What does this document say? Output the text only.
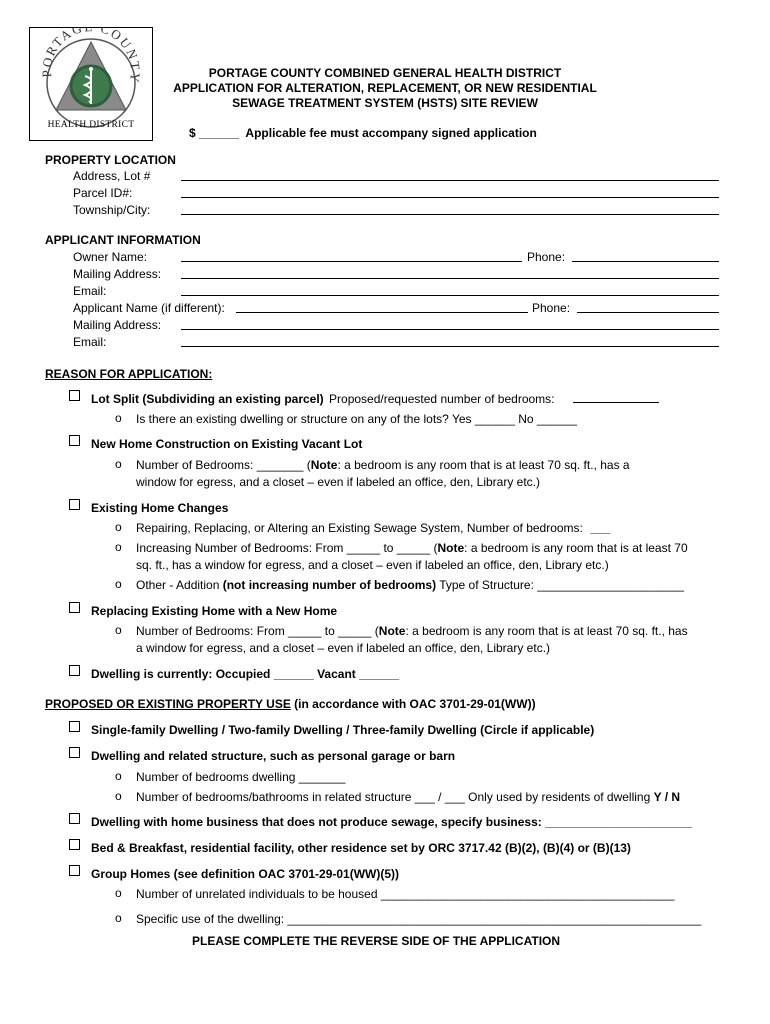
PORTAG COUNTY
HEALTH DISTRICT
PORTAGE COUNTY COMBINED GENERAL HEALTH DISTRICT
APPLICATION FOR ALTERATION, REPLACEMENT, OR NEW RESIDENTIAL
SEWAGE TREATMENT SYSTEM (HSTS) SITE REVIEW
$ ______ Applicable fee must accompany signed application
PROPERTY LOCATION
Address, Lot #
Parcel ID#:
Township/City:
APPLICANT INFORMATION
Owner Name:	Phone:
Mailing Address:
Email:
Applicant Name (if different):	Phone:
Mailing Address:
Email:
REASON FOR APPLICATION:
Lot Split (Subdividing an existing parcel) Proposed/requested number of bedrooms:
o Is there an existing dwelling or structure on any of the lots? Yes ______ No ______
New Home Construction on Existing Vacant Lot
o Number of Bedrooms: _______ (Note: a bedroom is any room that is at least 70 sq. ft., has a
window for egress, and a closet – even if labeled an office, den, Library etc.)
Existing Home Changes
o Repairing, Replacing, or Altering an Existing Sewage System, Number of bedrooms: ___
o Increasing Number of Bedrooms: From _____ to _____ (Note: a bedroom is any room that is at least 70
sq. ft., has a window for egress, and a closet – even if labeled an office, den, Library etc.)
o Other - Addition (not increasing number of bedrooms) Type of Structure: ______________________
Replacing Existing Home with a New Home
o Number of Bedrooms: From _____ to _____ (Note: a bedroom is any room that is at least 70 sq. ft., has
a window for egress, and a closet – even if labeled an office, den, Library etc.)
Dwelling is currently: Occupied ______ Vacant ______
PROPOSED OR EXISTING PROPERTY USE (in accordance with OAC 3701-29-01(WW))
Single-family Dwelling / Two-family Dwelling / Three-family Dwelling (Circle if applicable)
Dwelling and related structure, such as personal garage or barn
o Number of bedrooms dwelling _______
o Number of bedrooms/bathrooms in related structure ___ / ___ Only used by residents of dwelling Y / N
Dwelling with home business that does not produce sewage, specify business: ______________________
Bed & Breakfast, residential facility, other residence set by ORC 3717.42 (B)(2), (B)(4) or (B)(13)
Group Homes (see definition OAC 3701-29-01(WW)(5))
o Number of unrelated individuals to be housed ____________________________________________
o Specific use of the dwelling: ______________________________________________________________
PLEASE COMPLETE THE REVERSE SIDE OF THE APPLICATION
